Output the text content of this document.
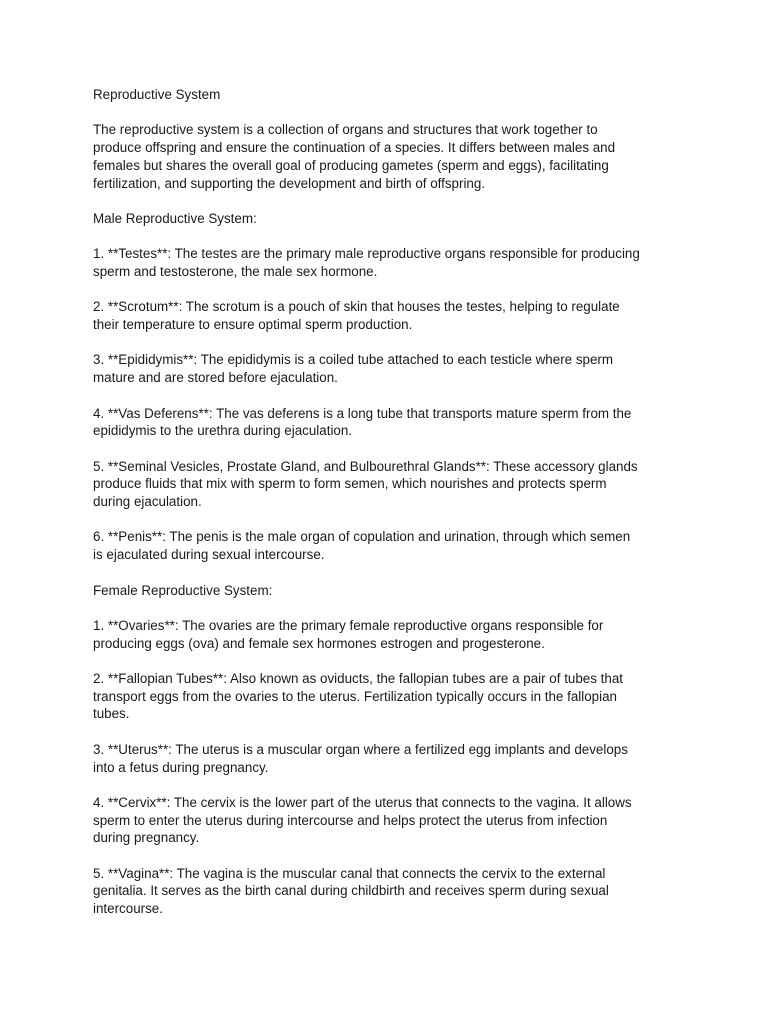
Reproductive System

The reproductive system is a collection of organs and structures that work together to
produce offspring and ensure the continuation of a species. It differs between males and
females but shares the overall goal of producing gametes (sperm and eggs), facilitating
fertilization, and supporting the development and birth of offspring.

Male Reproductive System:

1. **Testes**: The testes are the primary male reproductive organs responsible for producing
sperm and testosterone, the male sex hormone.

2. **Scrotum**: The scrotum is a pouch of skin that houses the testes, helping to regulate
their temperature to ensure optimal sperm production.

3. **Epididymis**: The epididymis is a coiled tube attached to each testicle where sperm
mature and are stored before ejaculation.

4. **Vas Deferens**: The vas deferens is a long tube that transports mature sperm from the
epididymis to the urethra during ejaculation.

5. **Seminal Vesicles, Prostate Gland, and Bulbourethral Glands**: These accessory glands
produce fluids that mix with sperm to form semen, which nourishes and protects sperm
during ejaculation.

6. **Penis**: The penis is the male organ of copulation and urination, through which semen
is ejaculated during sexual intercourse.

Female Reproductive System:

1. **Ovaries**: The ovaries are the primary female reproductive organs responsible for
producing eggs (ova) and female sex hormones estrogen and progesterone.

2. **Fallopian Tubes**: Also known as oviducts, the fallopian tubes are a pair of tubes that
transport eggs from the ovaries to the uterus. Fertilization typically occurs in the fallopian
tubes.

3. **Uterus**: The uterus is a muscular organ where a fertilized egg implants and develops
into a fetus during pregnancy.

4. **Cervix**: The cervix is the lower part of the uterus that connects to the vagina. It allows
sperm to enter the uterus during intercourse and helps protect the uterus from infection
during pregnancy.

5. **Vagina**: The vagina is the muscular canal that connects the cervix to the external
genitalia. It serves as the birth canal during childbirth and receives sperm during sexual
intercourse.
